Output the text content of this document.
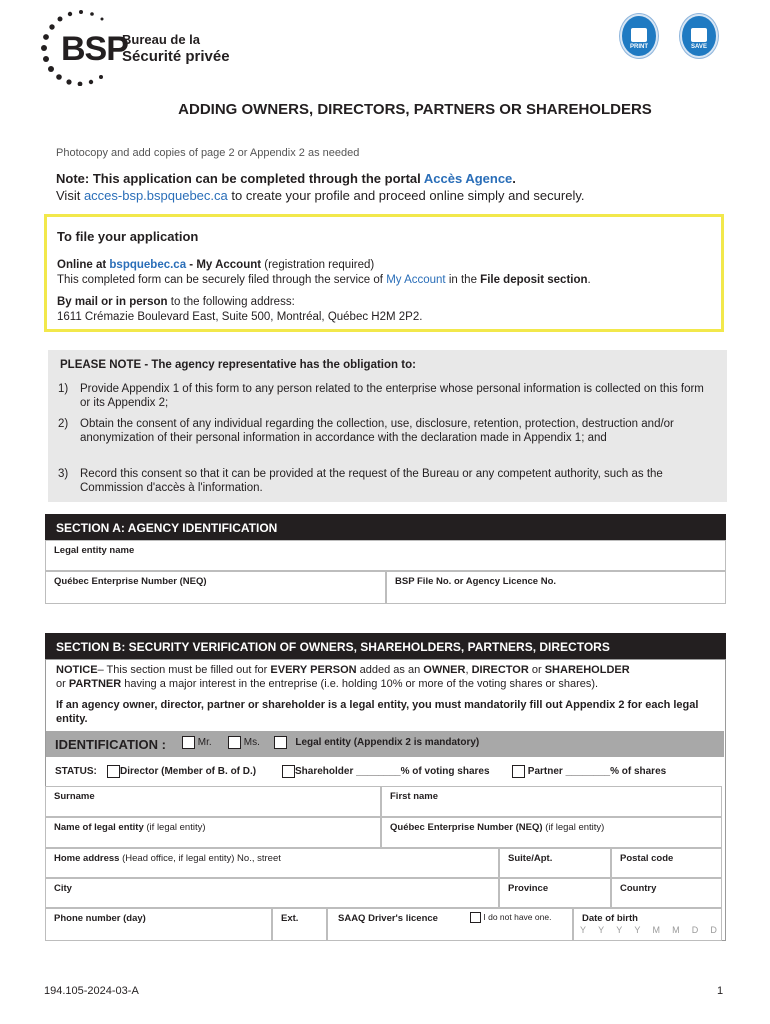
BSP
Bureau de la
Sécurité privée
PRINT	SAVE
ADDING OWNERS, DIRECTORS, PARTNERS OR SHAREHOLDERS
Photocopy and add copies of page 2 or Appendix 2 as needed
Note: This application can be completed through the portal Accès Agence.
Visit acces-bsp.bspquebec.ca to create your profile and proceed online simply and securely.
To file your application
Online at bspquebec.ca - My Account (registration required)
This completed form can be securely filed through the service of My Account in the File deposit section.
By mail or in person to the following address:
1611 Crémazie Boulevard East, Suite 500, Montréal, Québec H2M 2P2.
PLEASE NOTE - The agency representative has the obligation to:
1) Provide Appendix 1 of this form to any person related to the enterprise whose personal information is collected on this form or its Appendix 2;
2) Obtain the consent of any individual regarding the collection, use, disclosure, retention, protection, destruction and/or anonymization of their personal information in accordance with the declaration made in Appendix 1; and
3) Record this consent so that it can be provided at the request of the Bureau or any competent authority, such as the Commission d'accès à l'information.
SECTION A: AGENCY IDENTIFICATION
Legal entity name
Québec Enterprise Number (NEQ)	BSP File No. or Agency Licence No.
SECTION B: SECURITY VERIFICATION OF OWNERS, SHAREHOLDERS, PARTNERS, DIRECTORS
NOTICE– This section must be filled out for EVERY PERSON added as an OWNER, DIRECTOR or SHAREHOLDER
or PARTNER having a major interest in the entreprise (i.e. holding 10% or more of the voting shares or shares).
If an agency owner, director, partner or shareholder is a legal entity, you must mandatorily fill out Appendix 2 for each legal entity.
IDENTIFICATION :	Mr.	Ms.	Legal entity (Appendix 2 is mandatory)
STATUS:	Director (Member of B. of D.)	Shareholder ________% of voting shares	Partner ________% of shares
Surname	First name
Name of legal entity (if legal entity)	Québec Enterprise Number (NEQ) (if legal entity)
Home address (Head office, if legal entity) No., street	Suite/Apt.	Postal code
City	Province	Country
Phone number (day)	Ext.	SAAQ Driver's licence	I do not have one.	Date of birth
Y Y Y Y M M D D
194.105-2024-03-A	1
